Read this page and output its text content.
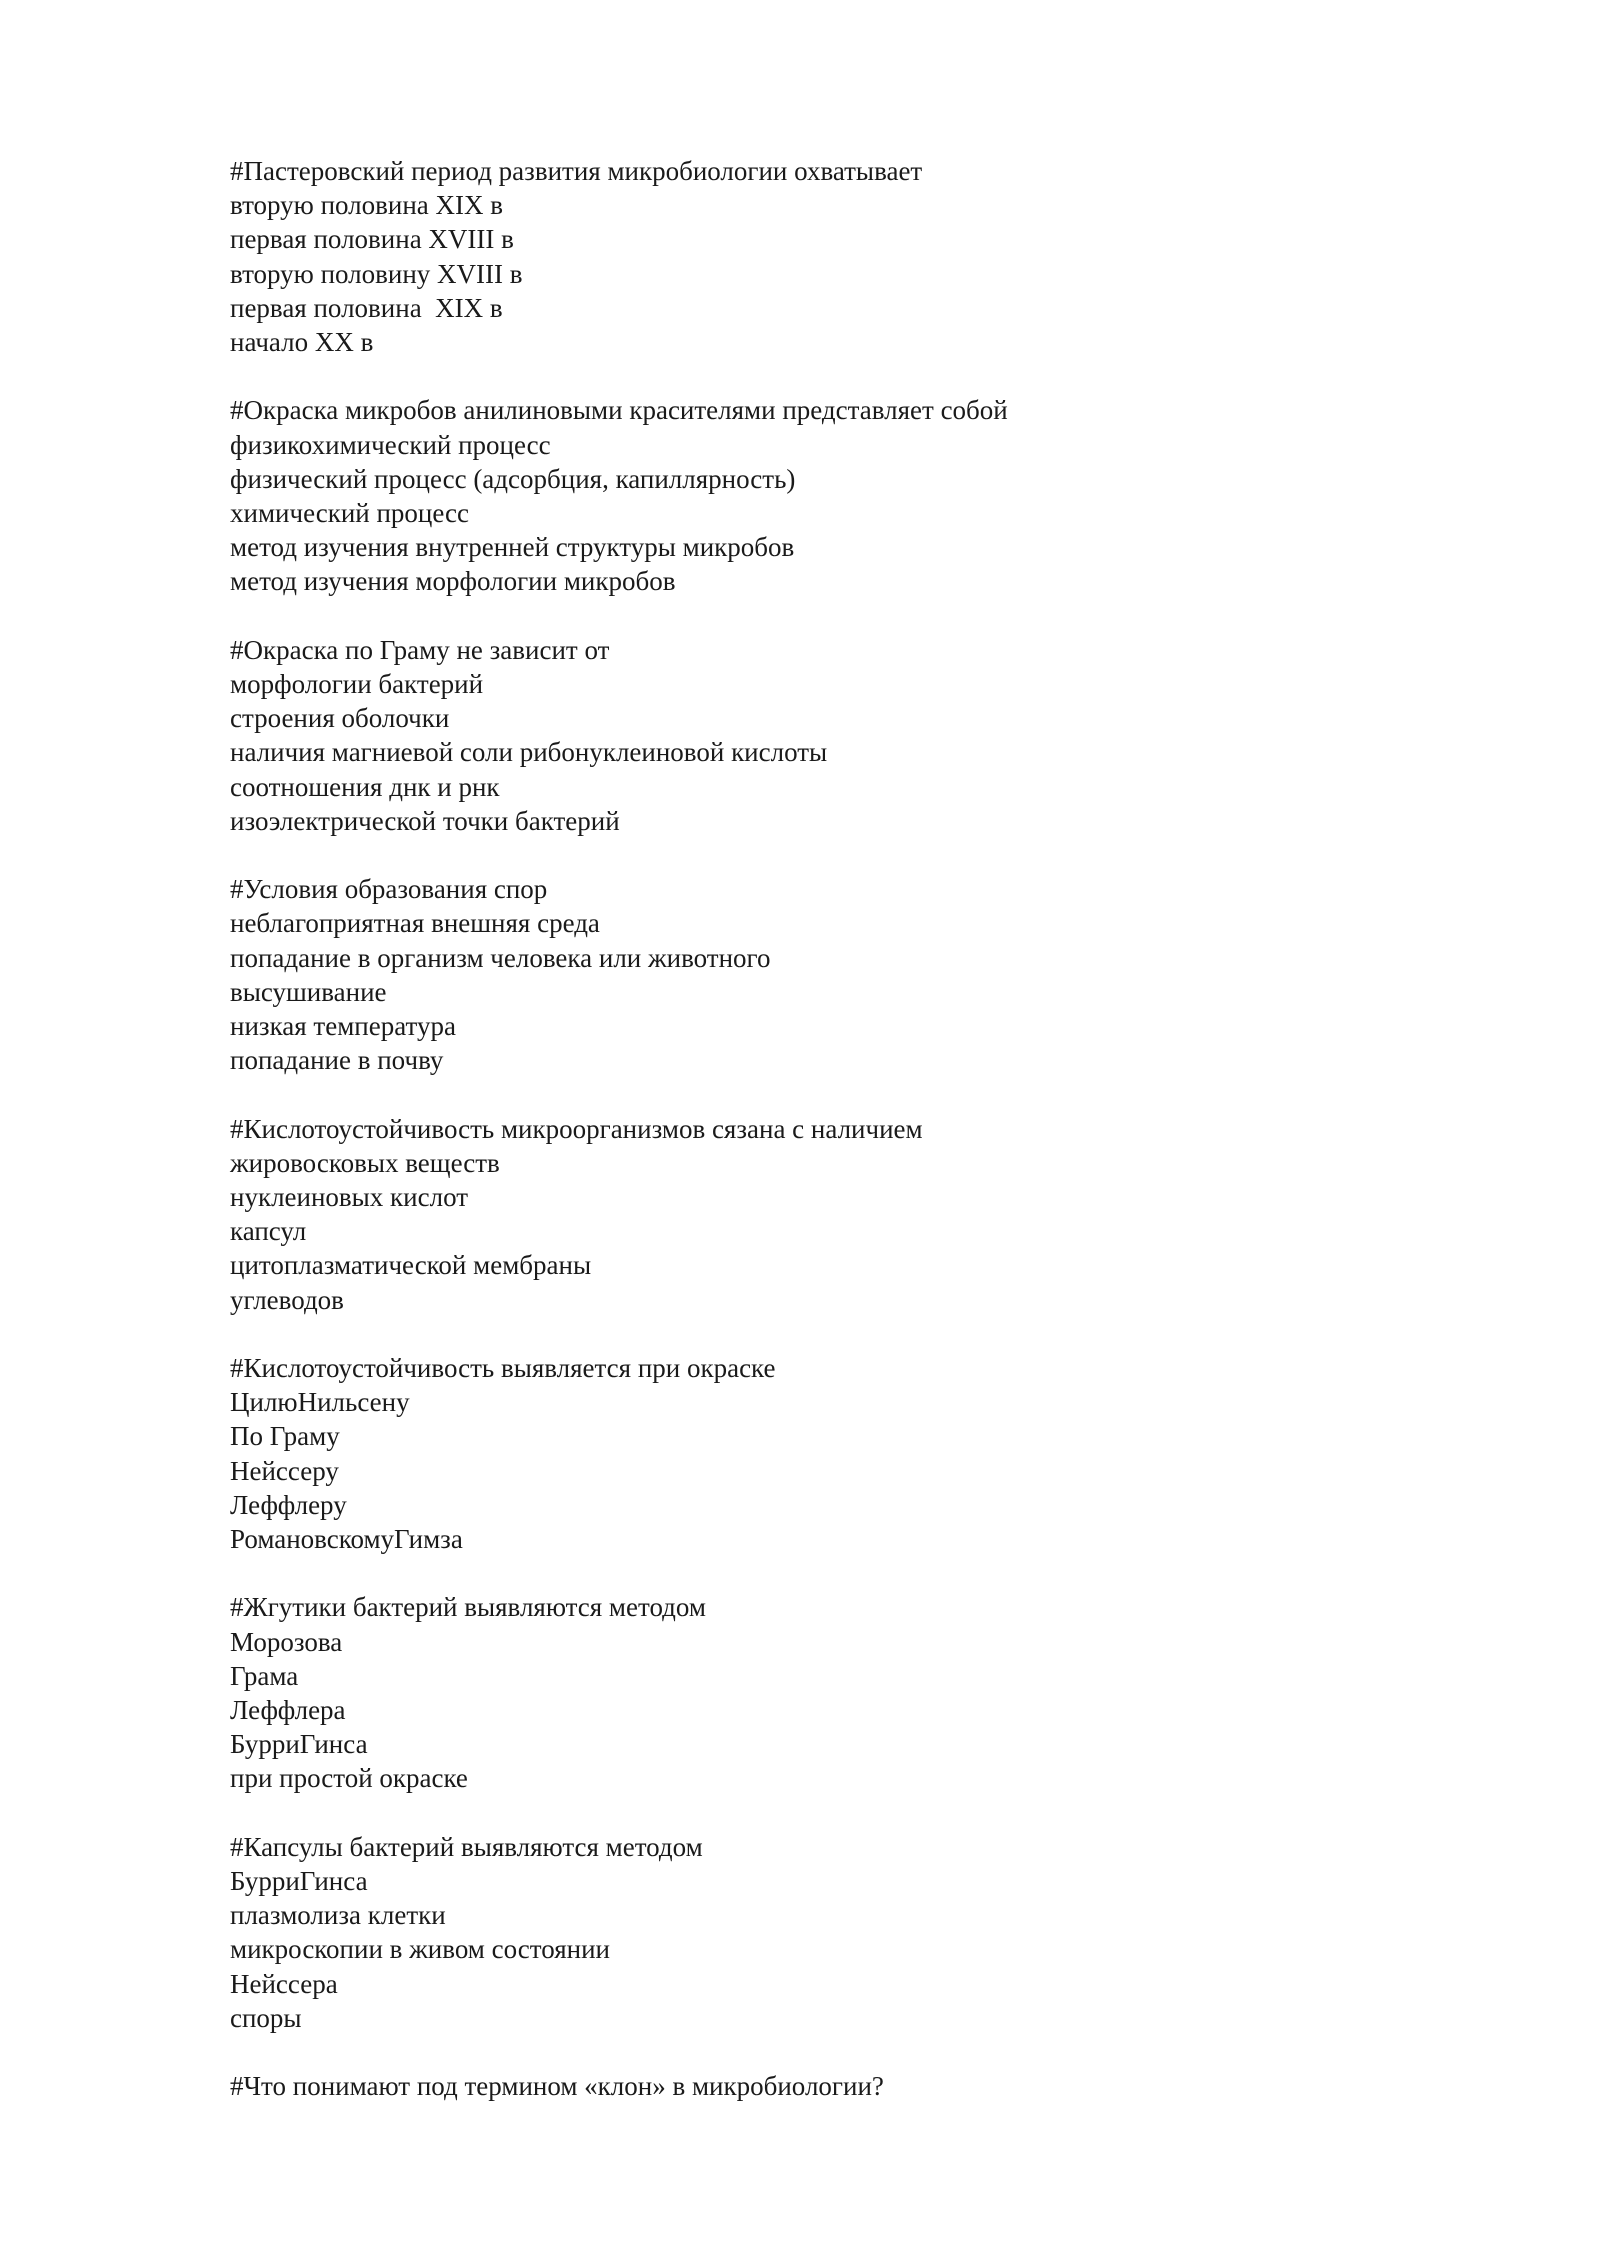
#Пастеровский период развития микробиологии охватывает
вторую половина XIX в
первая половина XVIII в
вторую половину XVIII в
первая половина  XIX в
начало XX в
#Окраска микробов анилиновыми красителями представляет собой
физикохимический процесс
физический процесс (адсорбция, капиллярность)
химический процесс
метод изучения внутренней структуры микробов
метод изучения морфологии микробов
#Окраска по Граму не зависит от
морфологии бактерий
строения оболочки
наличия магниевой соли рибонуклеиновой кислоты
соотношения днк и рнк
изоэлектрической точки бактерий
#Условия образования спор
неблагоприятная внешняя среда
попадание в организм человека или животного
высушивание
низкая температура
попадание в почву
#Кислотоустойчивость микроорганизмов сязана с наличием
жировосковых веществ
нуклеиновых кислот
капсул
цитоплазматической мембраны
углеводов
#Кислотоустойчивость выявляется при окраске
ЦилюНильсену
По Граму
Нейссеру
Леффлеру
РомановскомуГимза
#Жгутики бактерий выявляются методом
Морозова
Грама
Леффлера
БурриГинса
при простой окраске
#Капсулы бактерий выявляются методом
БурриГинса
плазмолиза клетки
микроскопии в живом состоянии
Нейссера
споры
#Что понимают под термином «клон» в микробиологии?
